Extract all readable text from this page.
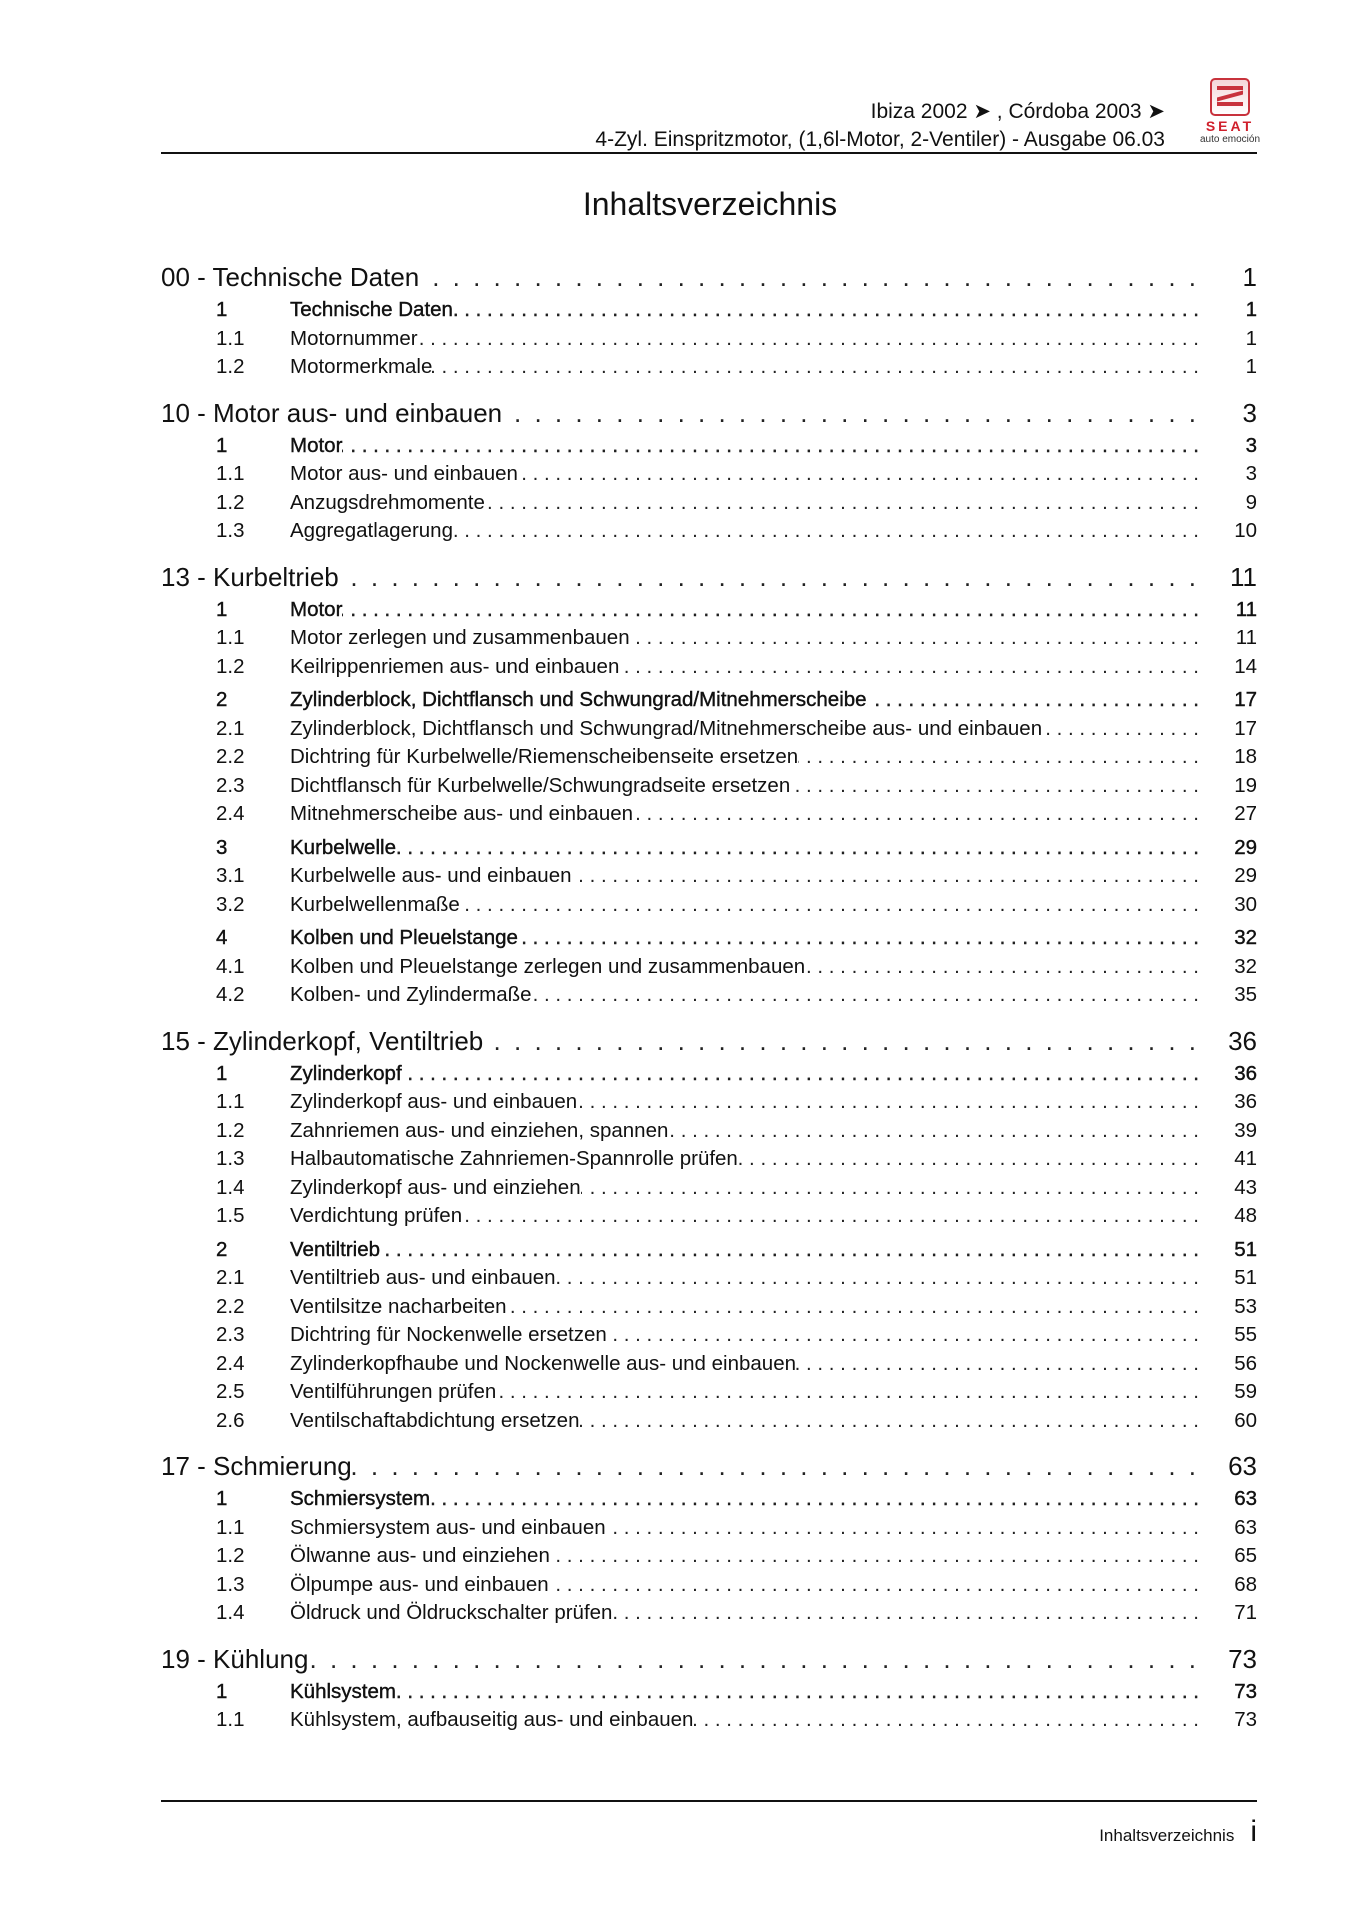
Ibiza 2002 ➤ , Córdoba 2003 ➤
4-Zyl. Einspritzmotor, (1,6l-Motor, 2-Ventiler) - Ausgabe 06.03
SEAT
auto emoción
Inhaltsverzeichnis
00 - Technische Daten . . .	1
1	Technische Daten . . .	1
1.1	Motornummer . . .	1
1.2	Motormerkmale . . .	1
10 - Motor aus- und einbauen . . .	3
1	Motor . . .	3
1.1	Motor aus- und einbauen . . .	3
1.2	Anzugsdrehmomente . . .	9
1.3	Aggregatlagerung . . .	10
13 - Kurbeltrieb . . .	11
1	Motor . . .	11
1.1	Motor zerlegen und zusammenbauen . . .	11
1.2	Keilrippenriemen aus- und einbauen . . .	14
2	Zylinderblock, Dichtflansch und Schwungrad/Mitnehmerscheibe . . .	17
2.1	Zylinderblock, Dichtflansch und Schwungrad/Mitnehmerscheibe aus- und einbauen . . .	17
2.2	Dichtring für Kurbelwelle/Riemenscheibenseite ersetzen . . .	18
2.3	Dichtflansch für Kurbelwelle/Schwungradseite ersetzen . . .	19
2.4	Mitnehmerscheibe aus- und einbauen . . .	27
3	Kurbelwelle . . .	29
3.1	Kurbelwelle aus- und einbauen . . .	29
3.2	Kurbelwellenmaße . . .	30
4	Kolben und Pleuelstange . . .	32
4.1	Kolben und Pleuelstange zerlegen und zusammenbauen . . .	32
4.2	Kolben- und Zylindermaße . . .	35
15 - Zylinderkopf, Ventiltrieb . . .	36
1	Zylinderkopf . . .	36
1.1	Zylinderkopf aus- und einbauen . . .	36
1.2	Zahnriemen aus- und einziehen, spannen . . .	39
1.3	Halbautomatische Zahnriemen-Spannrolle prüfen . . .	41
1.4	Zylinderkopf aus- und einziehen . . .	43
1.5	Verdichtung prüfen . . .	48
2	Ventiltrieb . . .	51
2.1	Ventiltrieb aus- und einbauen . . .	51
2.2	Ventilsitze nacharbeiten . . .	53
2.3	Dichtring für Nockenwelle ersetzen . . .	55
2.4	Zylinderkopfhaube und Nockenwelle aus- und einbauen . . .	56
2.5	Ventilführungen prüfen . . .	59
2.6	Ventilschaftabdichtung ersetzen . . .	60
17 - Schmierung . . .	63
1	Schmiersystem . . .	63
1.1	Schmiersystem aus- und einbauen . . .	63
1.2	Ölwanne aus- und einziehen . . .	65
1.3	Ölpumpe aus- und einbauen . . .	68
1.4	Öldruck und Öldruckschalter prüfen . . .	71
19 - Kühlung . . .	73
1	Kühlsystem . . .	73
1.1	Kühlsystem, aufbauseitig aus- und einbauen . . .	73
Inhaltsverzeichnis i
